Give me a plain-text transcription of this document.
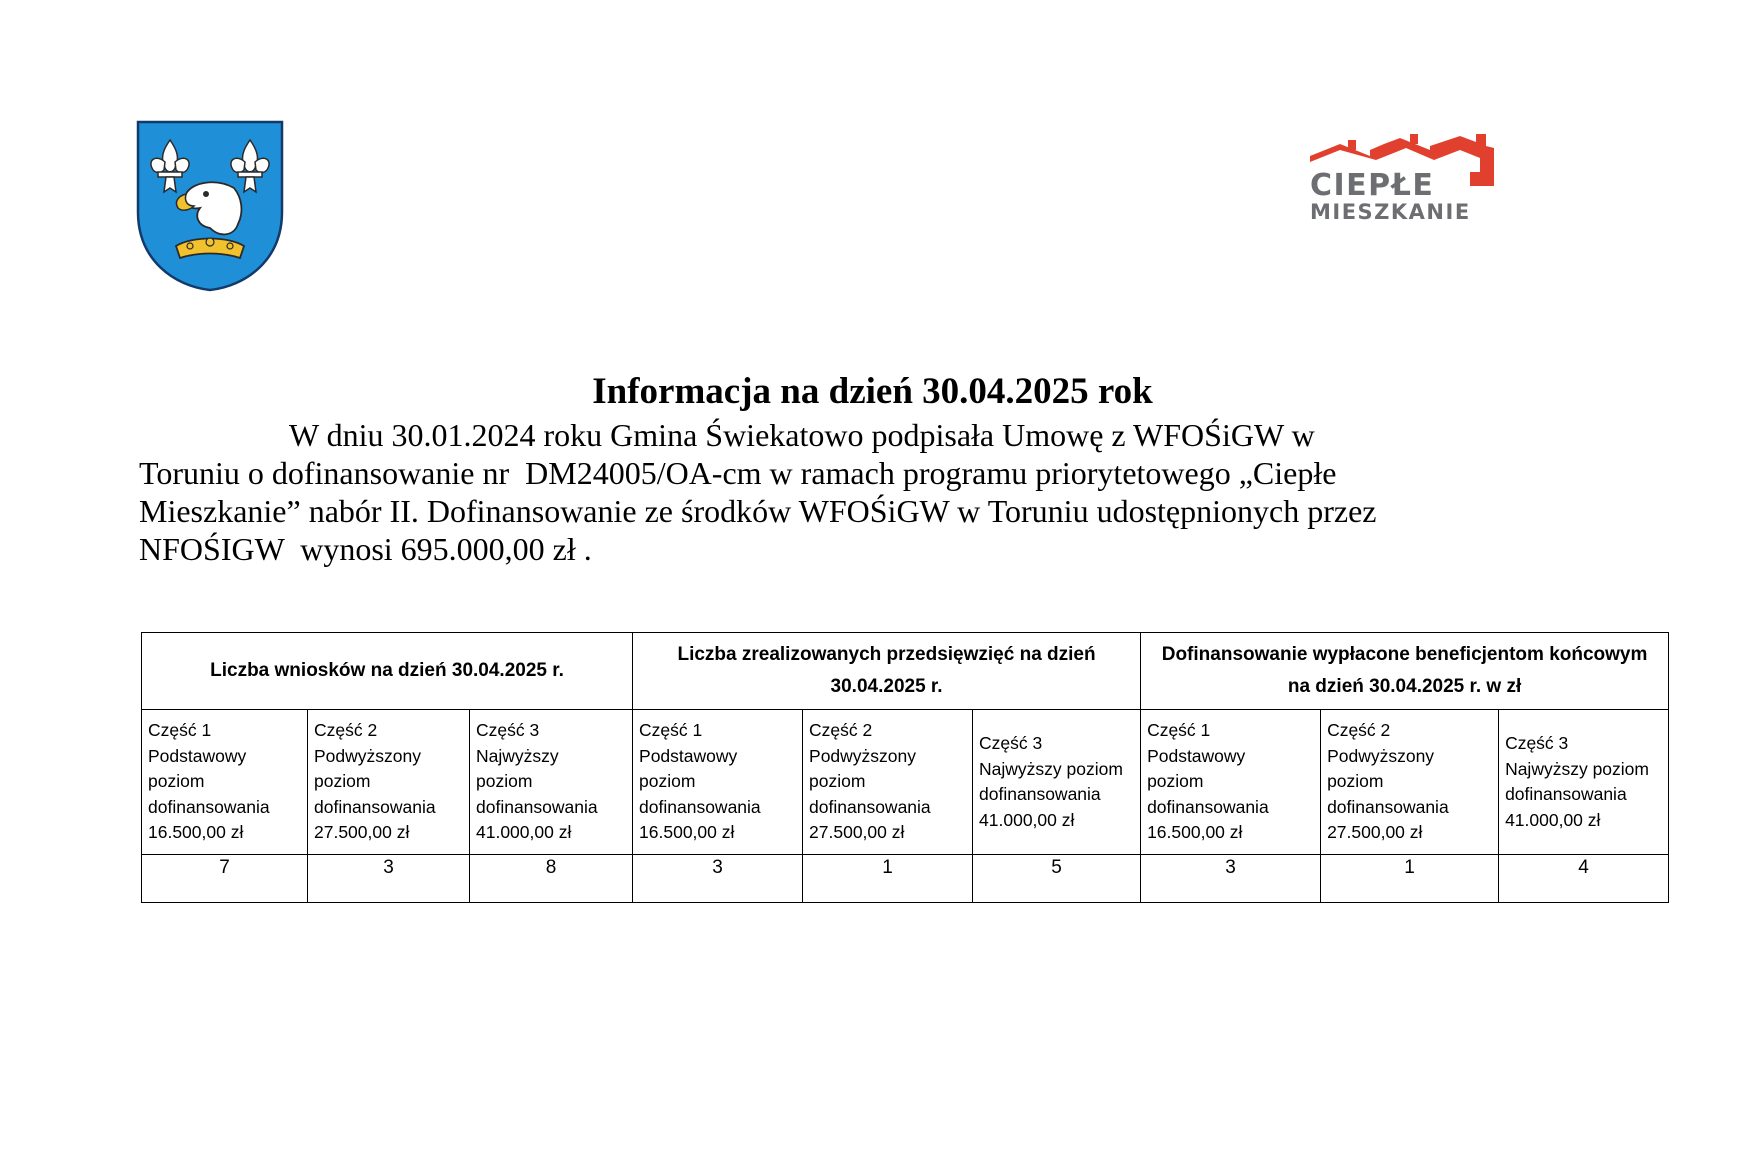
CIEPŁE
MIESZKANIE
Informacja na dzień 30.04.2025 rok
W dniu 30.01.2024 roku Gmina Świekatowo podpisała Umowę z WFOŚiGW w
Toruniu o dofinansowanie nr  DM24005/OA-cm w ramach programu priorytetowego „Ciepłe
Mieszkanie” nabór II. Dofinansowanie ze środków WFOŚiGW w Toruniu udostępnionych przez
NFOŚIGW  wynosi 695.000,00 zł .
Liczba wniosków na dzień 30.04.2025 r.			Liczba zrealizowanych przedsięwzięć na dzień 30.04.2025 r.			Dofinansowanie wypłacone beneficjentom końcowym na dzień 30.04.2025 r. w zł		

Część 1
Podstawowy
poziom
dofinansowania
16.500,00 zł	Część 2
Podwyższony
poziom
dofinansowania
27.500,00 zł	Część 3
Najwyższy
poziom
dofinansowania
41.000,00 zł	Część 1
Podstawowy
poziom
dofinansowania
16.500,00 zł	Część 2
Podwyższony
poziom
dofinansowania
27.500,00 zł	Część 3
Najwyższy poziom
dofinansowania
41.000,00 zł	Część 1
Podstawowy
poziom
dofinansowania
16.500,00 zł	Część 2
Podwyższony
poziom
dofinansowania
27.500,00 zł	Część 3
Najwyższy poziom
dofinansowania
41.000,00 zł

7	3	8	3	1	5	3	1	4
